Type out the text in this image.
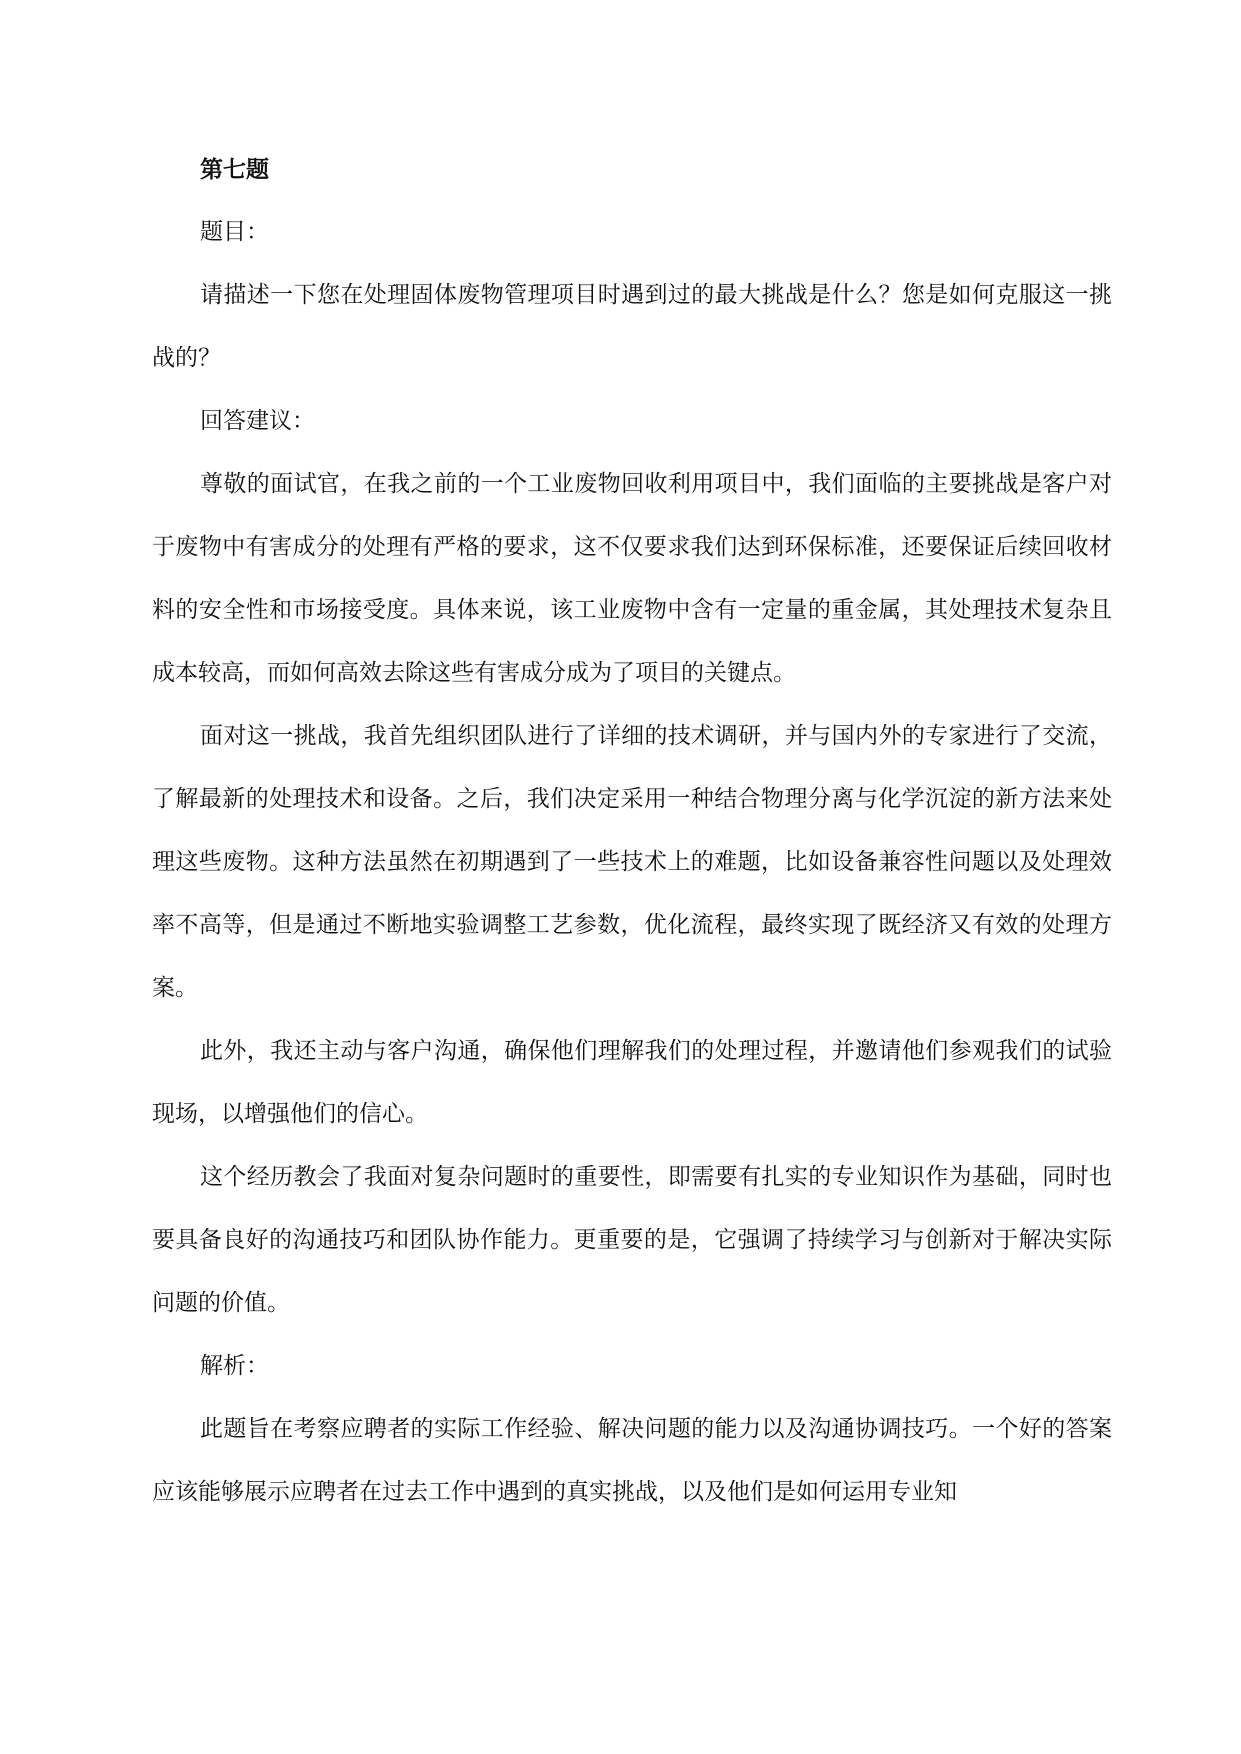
第七题

题目：

请描述一下您在处理固体废物管理项目时遇到过的最大挑战是什么？您是如何克服这一挑战的？

回答建议：

尊敬的面试官，在我之前的一个工业废物回收利用项目中，我们面临的主要挑战是客户对于废物中有害成分的处理有严格的要求，这不仅要求我们达到环保标准，还要保证后续回收材料的安全性和市场接受度。具体来说，该工业废物中含有一定量的重金属，其处理技术复杂且成本较高，而如何高效去除这些有害成分成为了项目的关键点。

面对这一挑战，我首先组织团队进行了详细的技术调研，并与国内外的专家进行了交流，了解最新的处理技术和设备。之后，我们决定采用一种结合物理分离与化学沉淀的新方法来处理这些废物。这种方法虽然在初期遇到了一些技术上的难题，比如设备兼容性问题以及处理效率不高等，但是通过不断地实验调整工艺参数，优化流程，最终实现了既经济又有效的处理方案。

此外，我还主动与客户沟通，确保他们理解我们的处理过程，并邀请他们参观我们的试验现场，以增强他们的信心。

这个经历教会了我面对复杂问题时的重要性，即需要有扎实的专业知识作为基础，同时也要具备良好的沟通技巧和团队协作能力。更重要的是，它强调了持续学习与创新对于解决实际问题的价值。

解析：

此题旨在考察应聘者的实际工作经验、解决问题的能力以及沟通协调技巧。一个好的答案应该能够展示应聘者在过去工作中遇到的真实挑战，以及他们是如何运用专业知
